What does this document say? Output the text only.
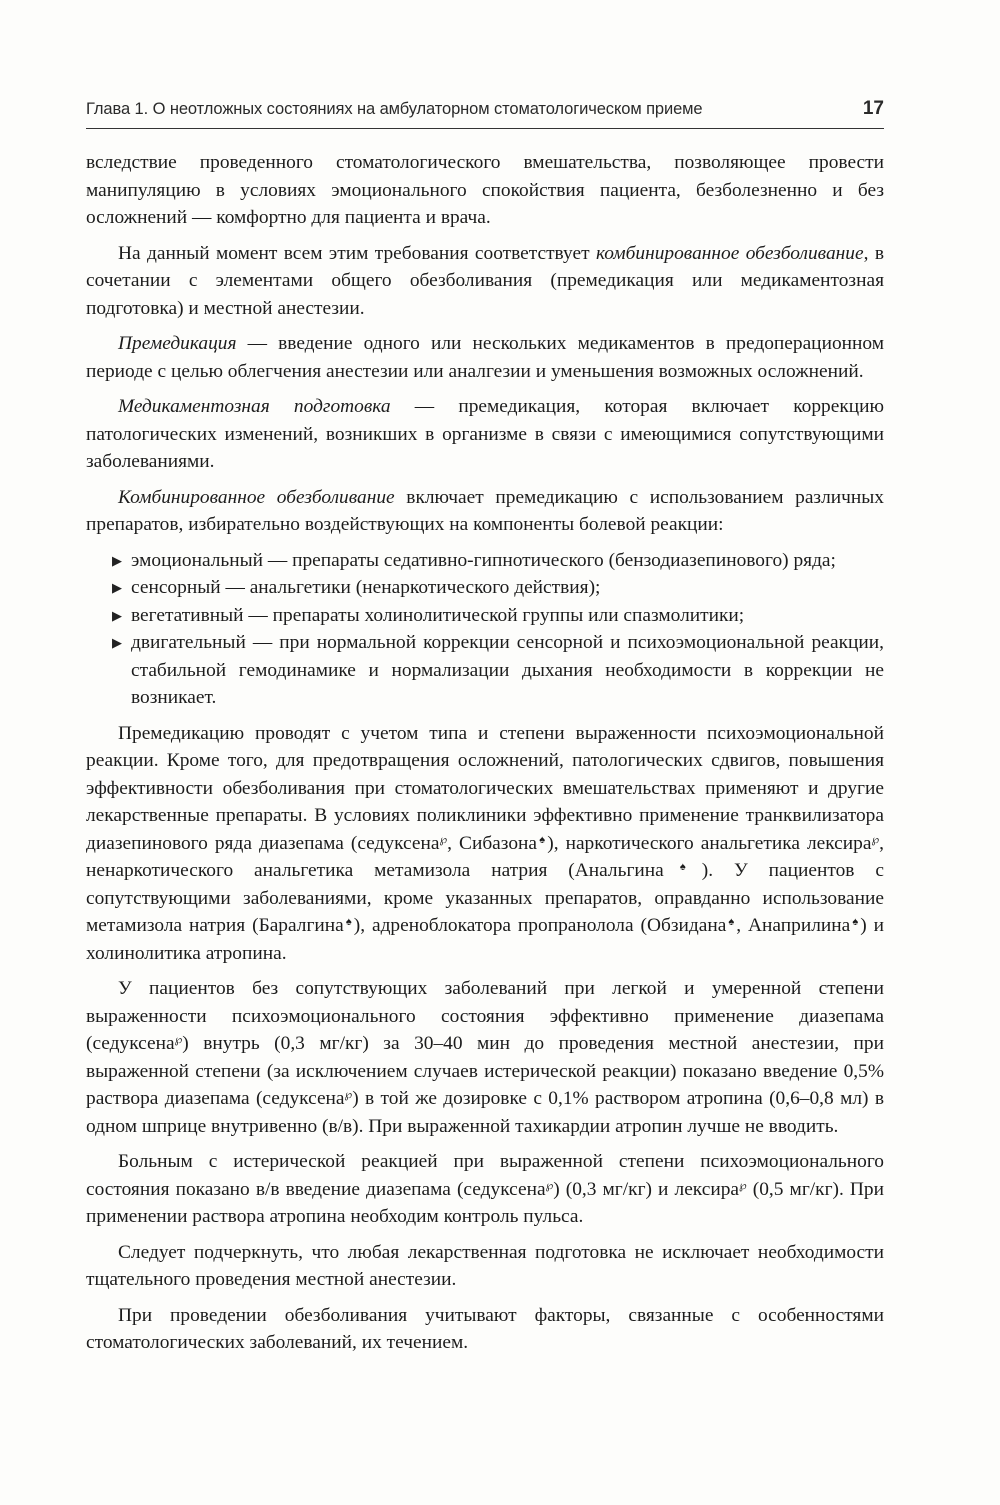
Глава 1. О неотложных состояниях на амбулаторном стоматологическом приеме	17

вследствие проведенного стоматологического вмешательства, позволяющее провести манипуляцию в условиях эмоционального спокойствия пациента, безболезненно и без осложнений — комфортно для пациента и врача.

На данный момент всем этим требования соответствует комбинированное обезболивание, в сочетании с элементами общего обезболивания (премедикация или медикаментозная подготовка) и местной анестезии.

Премедикация — введение одного или нескольких медикаментов в предоперационном периоде с целью облегчения анестезии или аналгезии и уменьшения возможных осложнений.

Медикаментозная подготовка — премедикация, которая включает коррекцию патологических изменений, возникших в организме в связи с имеющимися сопутствующими заболеваниями.

Комбинированное обезболивание включает премедикацию с использованием различных препаратов, избирательно воздействующих на компоненты болевой реакции:

▶ эмоциональный — препараты седативно-гипнотического (бензодиазепинового) ряда;
▶ сенсорный — анальгетики (ненаркотического действия);
▶ вегетативный — препараты холинолитической группы или спазмолитики;
▶ двигательный — при нормальной коррекции сенсорной и психоэмоциональной реакции, стабильной гемодинамике и нормализации дыхания необходимости в коррекции не возникает.

Премедикацию проводят с учетом типа и степени выраженности психоэмоциональной реакции. Кроме того, для предотвращения осложнений, патологических сдвигов, повышения эффективности обезболивания при стоматологических вмешательствах применяют и другие лекарственные препараты. В условиях поликлиники эффективно применение транквилизатора диазепинового ряда диазепама (седуксена℘, Сибазона♠), наркотического анальгетика лексира℘, ненаркотического анальгетика метамизола натрия (Анальгина♠). У пациентов с сопутствующими заболеваниями, кроме указанных препаратов, оправданно использование метамизола натрия (Баралгина♠), адреноблокатора пропранолола (Обзидана♠, Анаприлина♠) и холинолитика атропина.

У пациентов без сопутствующих заболеваний при легкой и умеренной степени выраженности психоэмоционального состояния эффективно применение диазепама (седуксена℘) внутрь (0,3 мг/кг) за 30–40 мин до проведения местной анестезии, при выраженной степени (за исключением случаев истерической реакции) показано введение 0,5% раствора диазепама (седуксена℘) в той же дозировке с 0,1% раствором атропина (0,6–0,8 мл) в одном шприце внутривенно (в/в). При выраженной тахикардии атропин лучше не вводить.

Больным с истерической реакцией при выраженной степени психоэмоционального состояния показано в/в введение диазепама (седуксена℘) (0,3 мг/кг) и лексира℘ (0,5 мг/кг). При применении раствора атропина необходим контроль пульса.

Следует подчеркнуть, что любая лекарственная подготовка не исключает необходимости тщательного проведения местной анестезии.

При проведении обезболивания учитывают факторы, связанные с особенностями стоматологических заболеваний, их течением.
